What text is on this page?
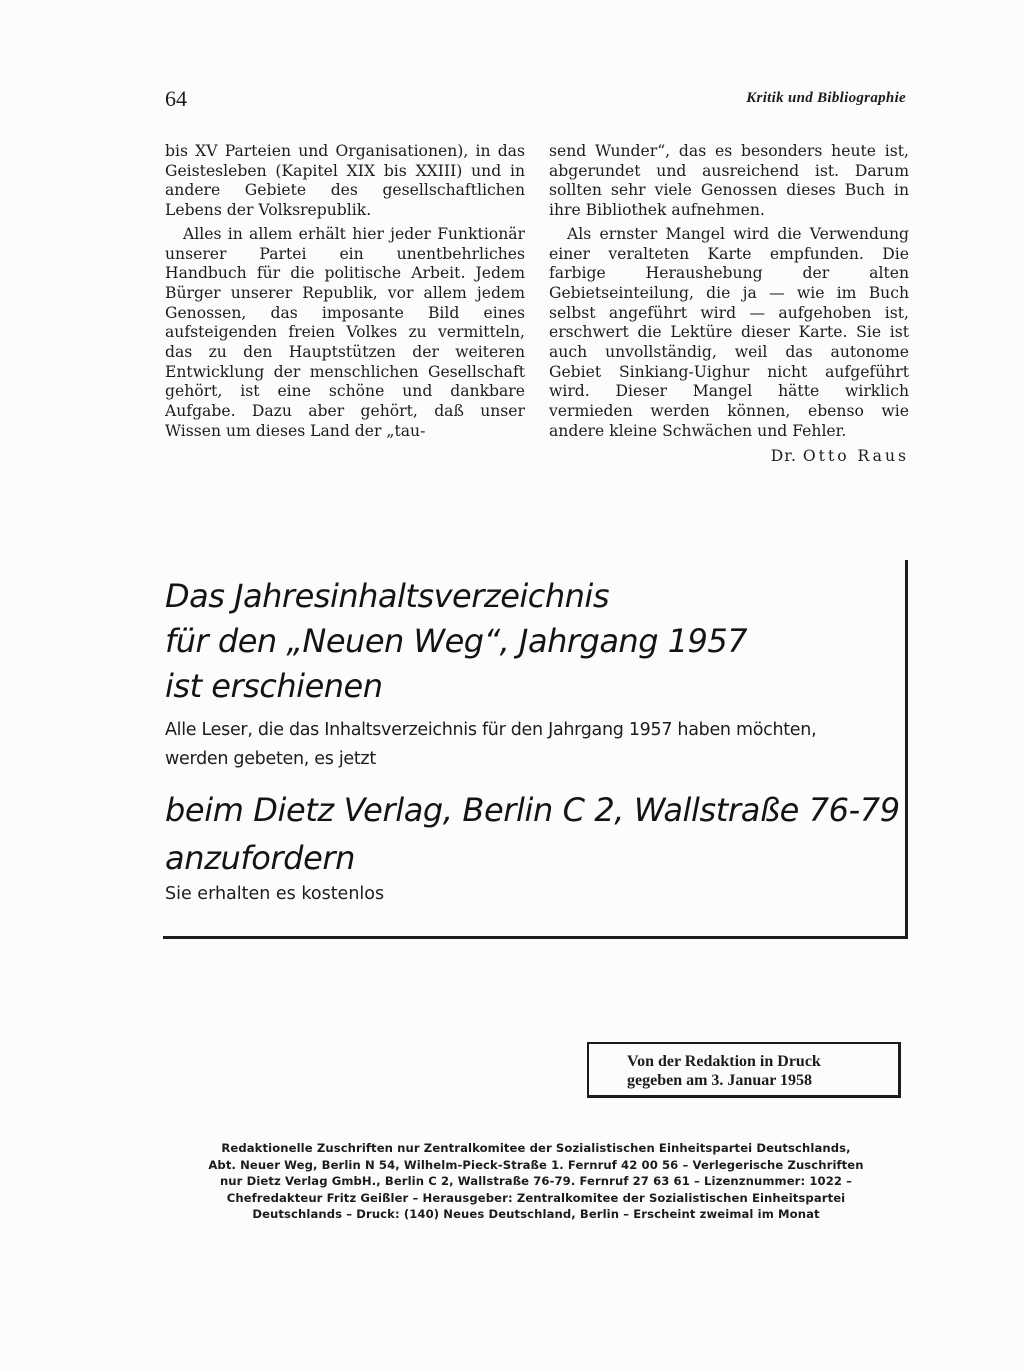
64	Kritik und Bibliographie

bis XV Parteien und Organisationen), in das Geistesleben (Kapitel XIX bis XXIII) und in andere Gebiete des gesellschaftlichen Lebens der Volksrepublik.

Alles in allem erhält hier jeder Funktionär unserer Partei ein unentbehrliches Handbuch für die politische Arbeit. Jedem Bürger unserer Republik, vor allem jedem Genossen, das imposante Bild eines aufsteigenden freien Volkes zu vermitteln, das zu den Hauptstützen der weiteren Entwicklung der menschlichen Gesellschaft gehört, ist eine schöne und dankbare Aufgabe. Dazu aber gehört, daß unser Wissen um dieses Land der „tau-

send Wunder“, das es besonders heute ist, abgerundet und ausreichend ist. Darum sollten sehr viele Genossen dieses Buch in ihre Bibliothek aufnehmen.

Als ernster Mangel wird die Verwendung einer veralteten Karte empfunden. Die farbige Heraushebung der alten Gebietseinteilung, die ja — wie im Buch selbst angeführt wird — aufgehoben ist, erschwert die Lektüre dieser Karte. Sie ist auch unvollständig, weil das autonome Gebiet Sinkiang-Uighur nicht aufgeführt wird. Dieser Mangel hätte wirklich vermieden werden können, ebenso wie andere kleine Schwächen und Fehler.

Dr. Otto Raus
Das Jahresinhaltsverzeichnis
für den „Neuen Weg“, Jahrgang 1957
ist erschienen
Alle Leser, die das Inhaltsverzeichnis für den Jahrgang 1957 haben möchten,
werden gebeten, es jetzt
beim Dietz Verlag, Berlin C 2, Wallstraße 76-79
anzufordern
Sie erhalten es kostenlos
Von der Redaktion in Druck
gegeben am 3. Januar 1958
Redaktionelle Zuschriften nur Zentralkomitee der Sozialistischen Einheitspartei Deutschlands,
Abt. Neuer Weg, Berlin N 54, Wilhelm-Pieck-Straße 1. Fernruf 42 00 56 – Verlegerische Zuschriften
nur Dietz Verlag GmbH., Berlin C 2, Wallstraße 76-79. Fernruf 27 63 61 – Lizenznummer: 1022 –
Chefredakteur Fritz Geißler – Herausgeber: Zentralkomitee der Sozialistischen Einheitspartei
Deutschlands – Druck: (140) Neues Deutschland, Berlin – Erscheint zweimal im Monat
